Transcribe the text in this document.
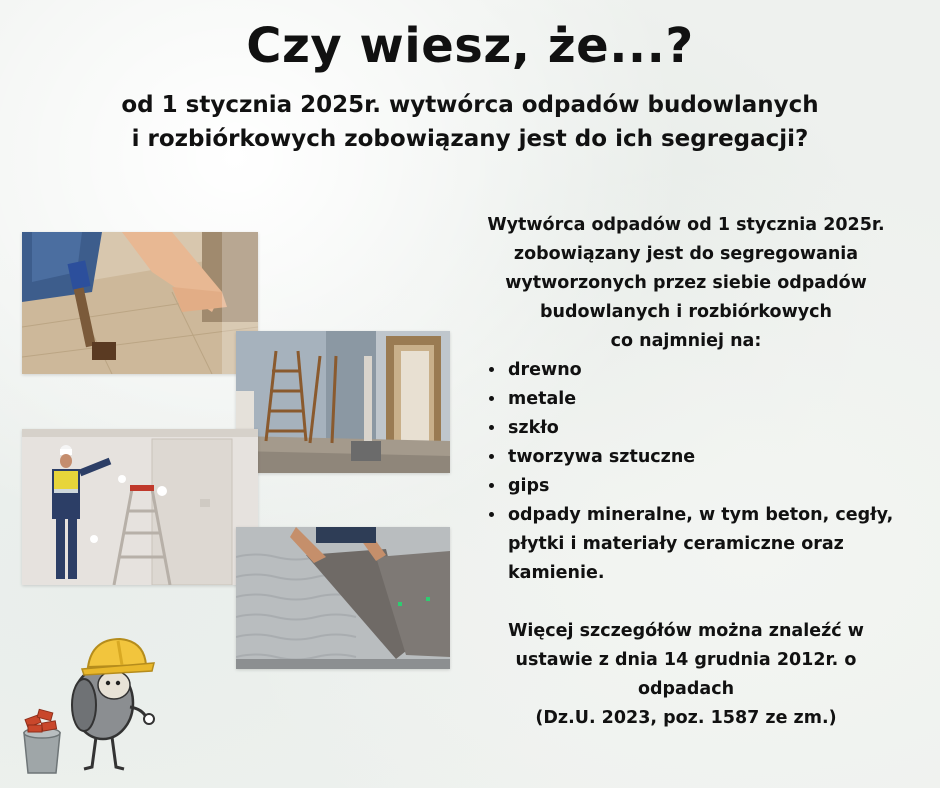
Czy wiesz, że...?
od 1 stycznia 2025r. wytwórca odpadów budowlanych
i rozbiórkowych zobowiązany jest do ich segregacji?
Wytwórca odpadów od 1 stycznia 2025r.
zobowiązany jest do segregowania
wytworzonych przez siebie odpadów
budowlanych i rozbiórkowych
co najmniej na:
• drewno
• metale
• szkło
• tworzywa sztuczne
• gips
• odpady mineralne, w tym beton, cegły, płytki i materiały ceramiczne oraz kamienie.
Więcej szczegółów można znaleźć w
ustawie z dnia 14 grudnia 2012r. o
odpadach
(Dz.U. 2023, poz. 1587 ze zm.)
